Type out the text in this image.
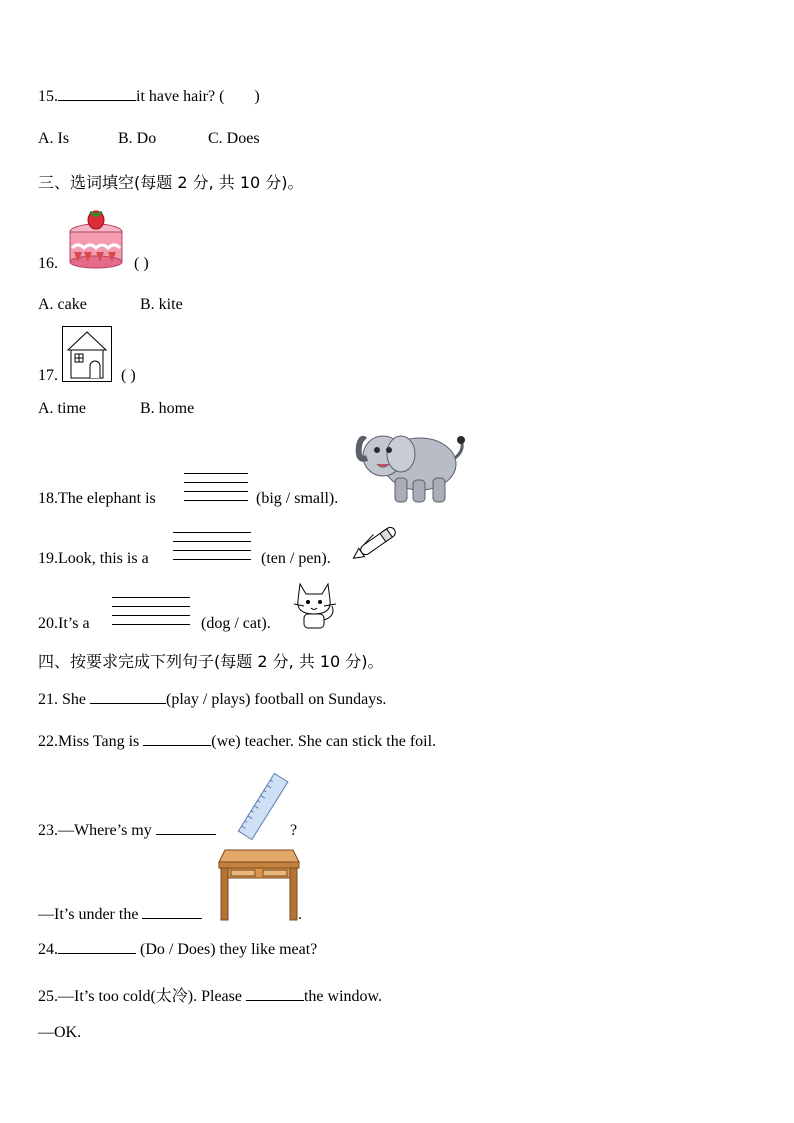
15.	it have hair? ( )
A. Is	B. Do	C. Does
三、选词填空(每题 2 分, 共 10 分)。
16.	( )
A. cake	B. kite
17.	( )
A. time	B. home
18.The elephant is	(big / small).
19.Look, this is a	(ten / pen).
20.It’s a	(dog / cat).
四、按要求完成下列句子(每题 2 分, 共 10 分)。
21. She	(play / plays) football on Sundays.
22.Miss Tang is	(we) teacher. She can stick the foil.
23.—Where’s my	?
—It’s under the	.
24.	(Do / Does) they like meat?
25.—It’s too cold(太冷). Please	the window.
—OK.
